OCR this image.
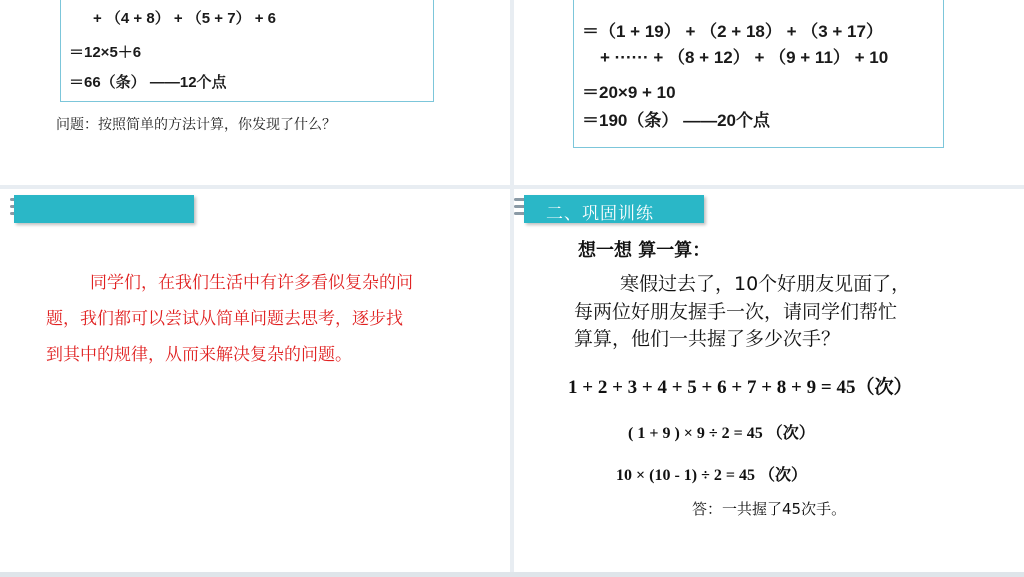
+ （4 + 8） + （5 + 7） + 6
＝12×5＋6
＝66（条） ——12个点
问题：按照简单的方法计算，你发现了什么？
＝（1 + 19） + （2 + 18） + （3 + 17）
+ ······ + （8 + 12） + （9 + 11） + 10
＝20×9 + 10
＝190（条） ——20个点
同学们，在我们生活中有许多看似复杂的问
题，我们都可以尝试从简单问题去思考，逐步找
到其中的规律，从而来解决复杂的问题。
二、巩固训练
想一想 算一算：
寒假过去了，10个好朋友见面了，
每两位好朋友握手一次，请同学们帮忙
算算，他们一共握了多少次手？
1 + 2 + 3 + 4 + 5 + 6 + 7 + 8 + 9 = 45（次）
( 1 + 9 ) × 9 ÷ 2 = 45 （次）
10 × (10 - 1) ÷ 2 = 45 （次）
答：一共握了45次手。
